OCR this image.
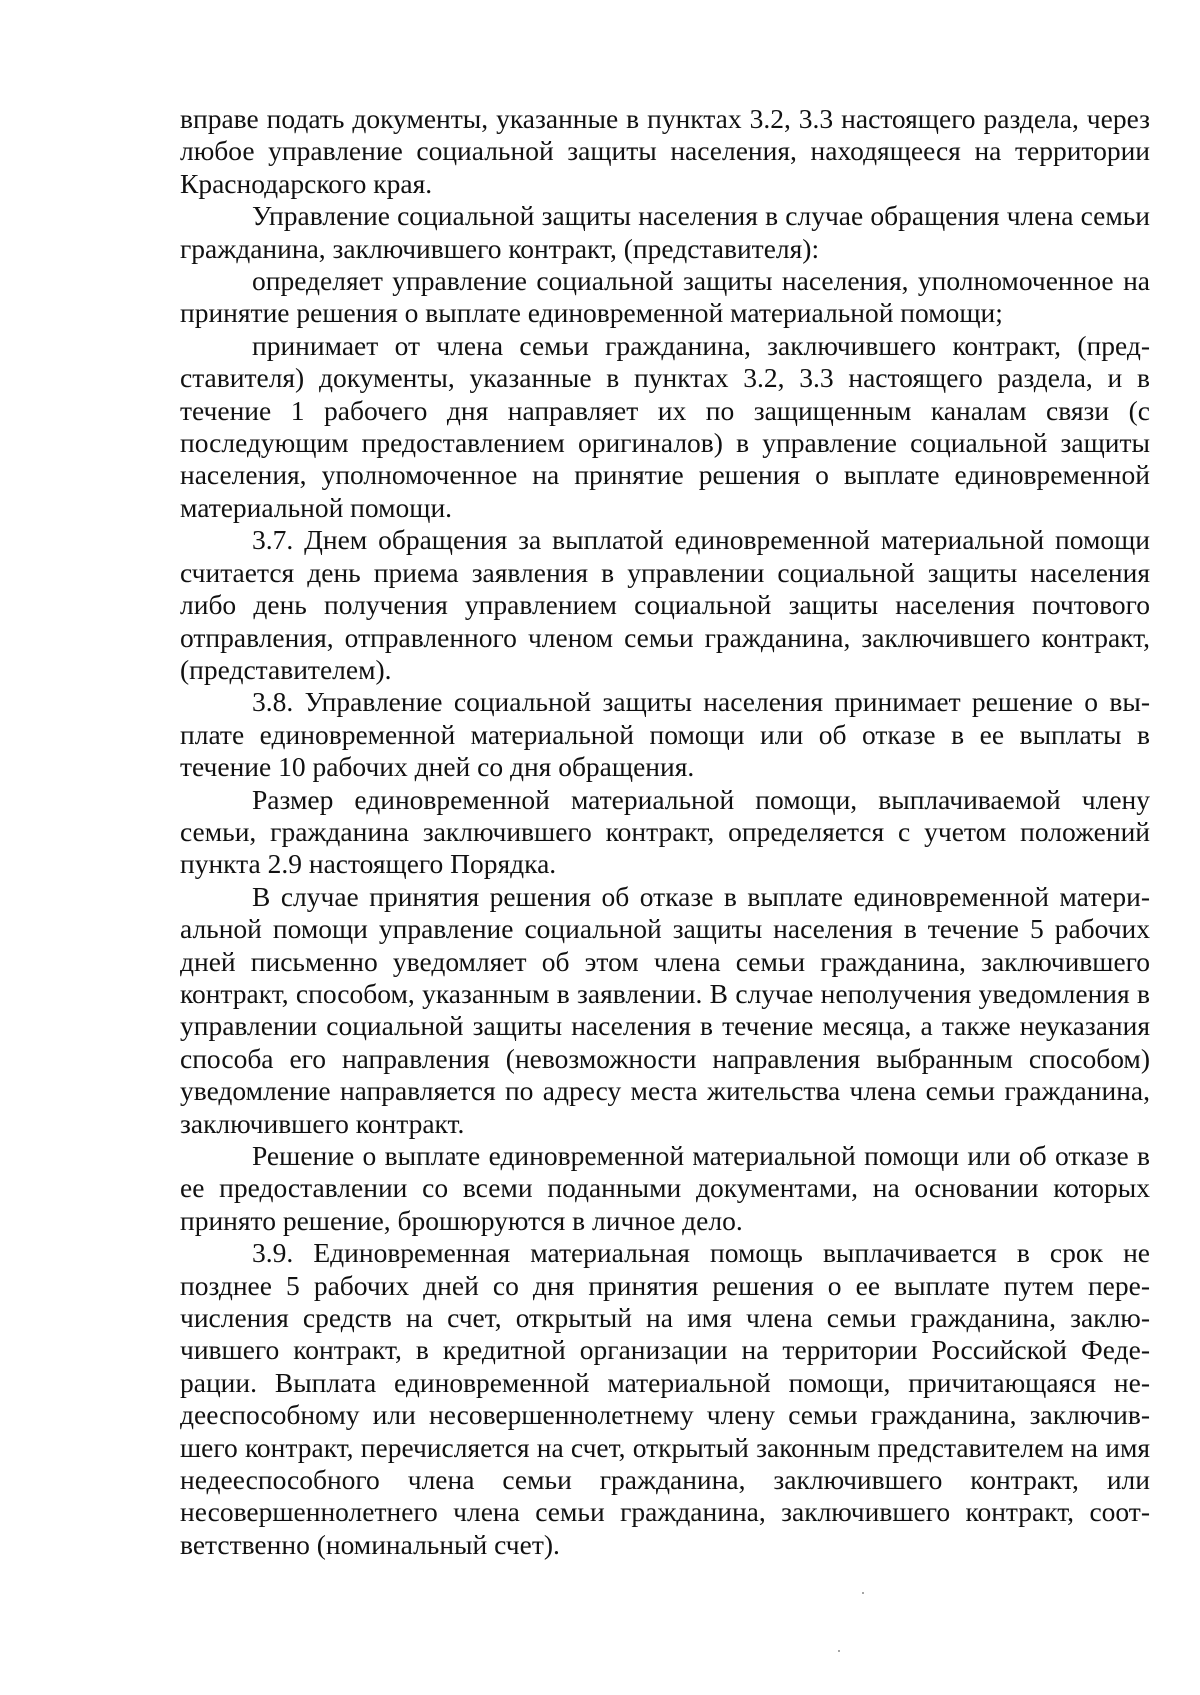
вправе подать документы, указанные в пунктах 3.2, 3.3 настоящего раздела, через любое управление социальной защиты населения, находящееся на территории Краснодарского края.

Управление социальной защиты населения в случае обращения члена семьи гражданина, заключившего контракт, (представителя):

определяет управление социальной защиты населения, уполномоченное на принятие решения о выплате единовременной материальной помощи;

принимает от члена семьи гражданина, заключившего контракт, (представителя) документы, указанные в пунктах 3.2, 3.3 настоящего раздела, и в течение 1 рабочего дня направляет их по защищенным каналам связи (с последующим предоставлением оригиналов) в управление социальной защиты населения, уполномоченное на принятие решения о выплате единовременной материальной помощи.

3.7. Днем обращения за выплатой единовременной материальной помощи считается день приема заявления в управлении социальной защиты населения либо день получения управлением социальной защиты населения почтового отправления, отправленного членом семьи гражданина, заключившего контракт, (представителем).

3.8. Управление социальной защиты населения принимает решение о выплате единовременной материальной помощи или об отказе в ее выплаты в течение 10 рабочих дней со дня обращения.

Размер единовременной материальной помощи, выплачиваемой члену семьи, гражданина заключившего контракт, определяется с учетом положений пункта 2.9 настоящего Порядка.

В случае принятия решения об отказе в выплате единовременной материальной помощи управление социальной защиты населения в течение 5 рабочих дней письменно уведомляет об этом члена семьи гражданина, заключившего контракт, способом, указанным в заявлении. В случае неполучения уведомления в управлении социальной защиты населения в течение месяца, а также неуказания способа его направления (невозможности направления выбранным способом) уведомление направляется по адресу места жительства члена семьи гражданина, заключившего контракт.

Решение о выплате единовременной материальной помощи или об отказе в ее предоставлении со всеми поданными документами, на основании которых принято решение, брошюруются в личное дело.

3.9. Единовременная материальная помощь выплачивается в срок не позднее 5 рабочих дней со дня принятия решения о ее выплате путем перечисления средств на счет, открытый на имя члена семьи гражданина, заключившего контракт, в кредитной организации на территории Российской Федерации. Выплата единовременной материальной помощи, причитающаяся недееспособному или несовершеннолетнему члену семьи гражданина, заключившего контракт, перечисляется на счет, открытый законным представителем на имя недееспособного члена семьи гражданина, заключившего контракт, или несовершеннолетнего члена семьи гражданина, заключившего контракт, соответственно (номинальный счет).
